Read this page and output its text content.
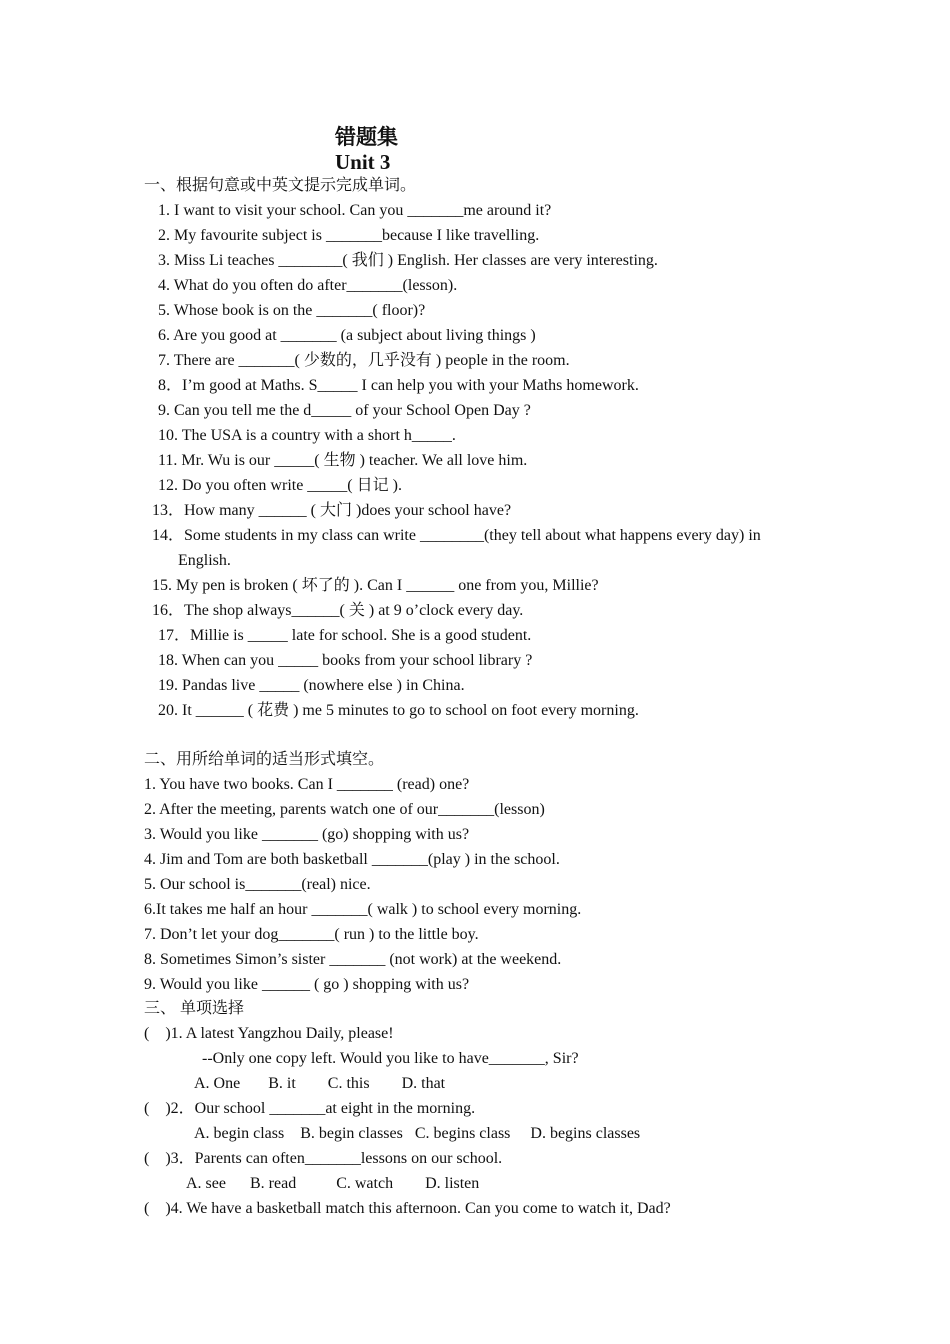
错题集
Unit 3
一、根据句意或中英文提示完成单词。
1. I want to visit your school. Can you _______me around it?
2. My favourite subject is _______because I like travelling.
3. Miss Li teaches ________( 我们 ) English. Her classes are very interesting.
4. What do you often do after_______(lesson).
5. Whose book is on the _______( floor)?
6. Are you good at _______ (a subject about living things )
7. There are _______( 少数的，几乎没有 ) people in the room.
8．I’m good at Maths. S_____ I can help you with your Maths homework.
9. Can you tell me the d_____ of your School Open Day ?
10. The USA is a country with a short h_____.
11. Mr. Wu is our _____( 生物 ) teacher. We all love him.
12. Do you often write _____( 日记 ).
13．How many ______ ( 大门 )does your school have?
14．Some students in my class can write ________(they tell about what happens every day) in English.
15. My pen is broken ( 坏了的 ). Can I ______ one from you, Millie?
16．The shop always______( 关 ) at 9 o’clock every day.
17．Millie is _____ late for school. She is a good student.
18. When can you _____ books from your school library ?
19. Pandas live _____ (nowhere else ) in China.
20. It ______ ( 花费 ) me 5 minutes to go to school on foot every morning.
二、用所给单词的适当形式填空。
1. You have two books. Can I _______ (read) one?
2. After the meeting, parents watch one of our_______(lesson)
3. Would you like _______ (go) shopping with us?
4. Jim and Tom are both basketball _______(play ) in the school.
5. Our school is_______(real) nice.
6.It takes me half an hour _______( walk ) to school every morning.
7. Don’t let your dog_______( run ) to the little boy.
8. Sometimes Simon’s sister _______ (not work) at the weekend.
9. Would you like ______ ( go ) shopping with us?
三、 单项选择
(    )1. A latest Yangzhou Daily, please!
--Only one copy left. Would you like to have_______, Sir?
A. One       B. it        C. this        D. that
(    )2．Our school _______at eight in the morning.
A. begin class    B. begin classes   C. begins class     D. begins classes
(    )3．Parents can often_______lessons on our school.
A. see      B. read          C. watch        D. listen
(    )4. We have a basketball match this afternoon. Can you come to watch it, Dad?
